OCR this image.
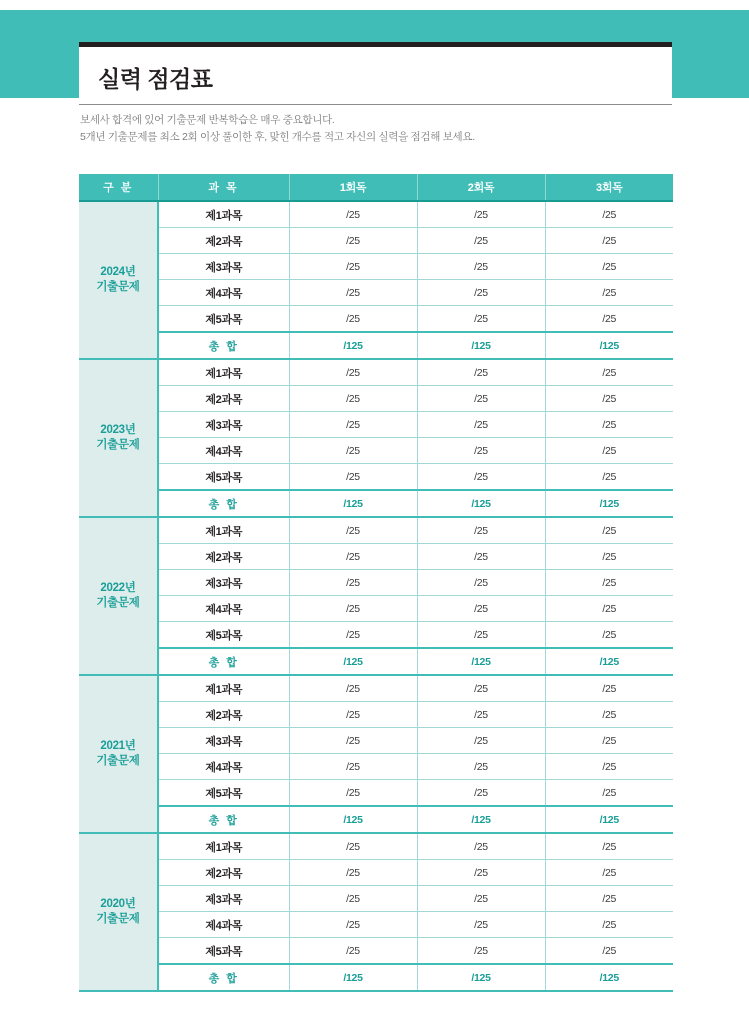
실력 점검표

보세사 합격에 있어 기출문제 반복학습은 매우 중요합니다.

5개년 기출문제를 최소 2회 이상 풀이한 후, 맞힌 개수를 적고 자신의 실력을 점검해 보세요.

구 분	과 목	1회독	2회독	3회독

2024년
기출문제	제1과목	/25	/25	/25
	제2과목	/25	/25	/25
	제3과목	/25	/25	/25
	제4과목	/25	/25	/25
	제5과목	/25	/25	/25
	총 합	/125	/125	/125

2023년
기출문제	제1과목	/25	/25	/25
	제2과목	/25	/25	/25
	제3과목	/25	/25	/25
	제4과목	/25	/25	/25
	제5과목	/25	/25	/25
	총 합	/125	/125	/125

2022년
기출문제	제1과목	/25	/25	/25
	제2과목	/25	/25	/25
	제3과목	/25	/25	/25
	제4과목	/25	/25	/25
	제5과목	/25	/25	/25
	총 합	/125	/125	/125

2021년
기출문제	제1과목	/25	/25	/25
	제2과목	/25	/25	/25
	제3과목	/25	/25	/25
	제4과목	/25	/25	/25
	제5과목	/25	/25	/25
	총 합	/125	/125	/125

2020년
기출문제	제1과목	/25	/25	/25
	제2과목	/25	/25	/25
	제3과목	/25	/25	/25
	제4과목	/25	/25	/25
	제5과목	/25	/25	/25
	총 합	/125	/125	/125
